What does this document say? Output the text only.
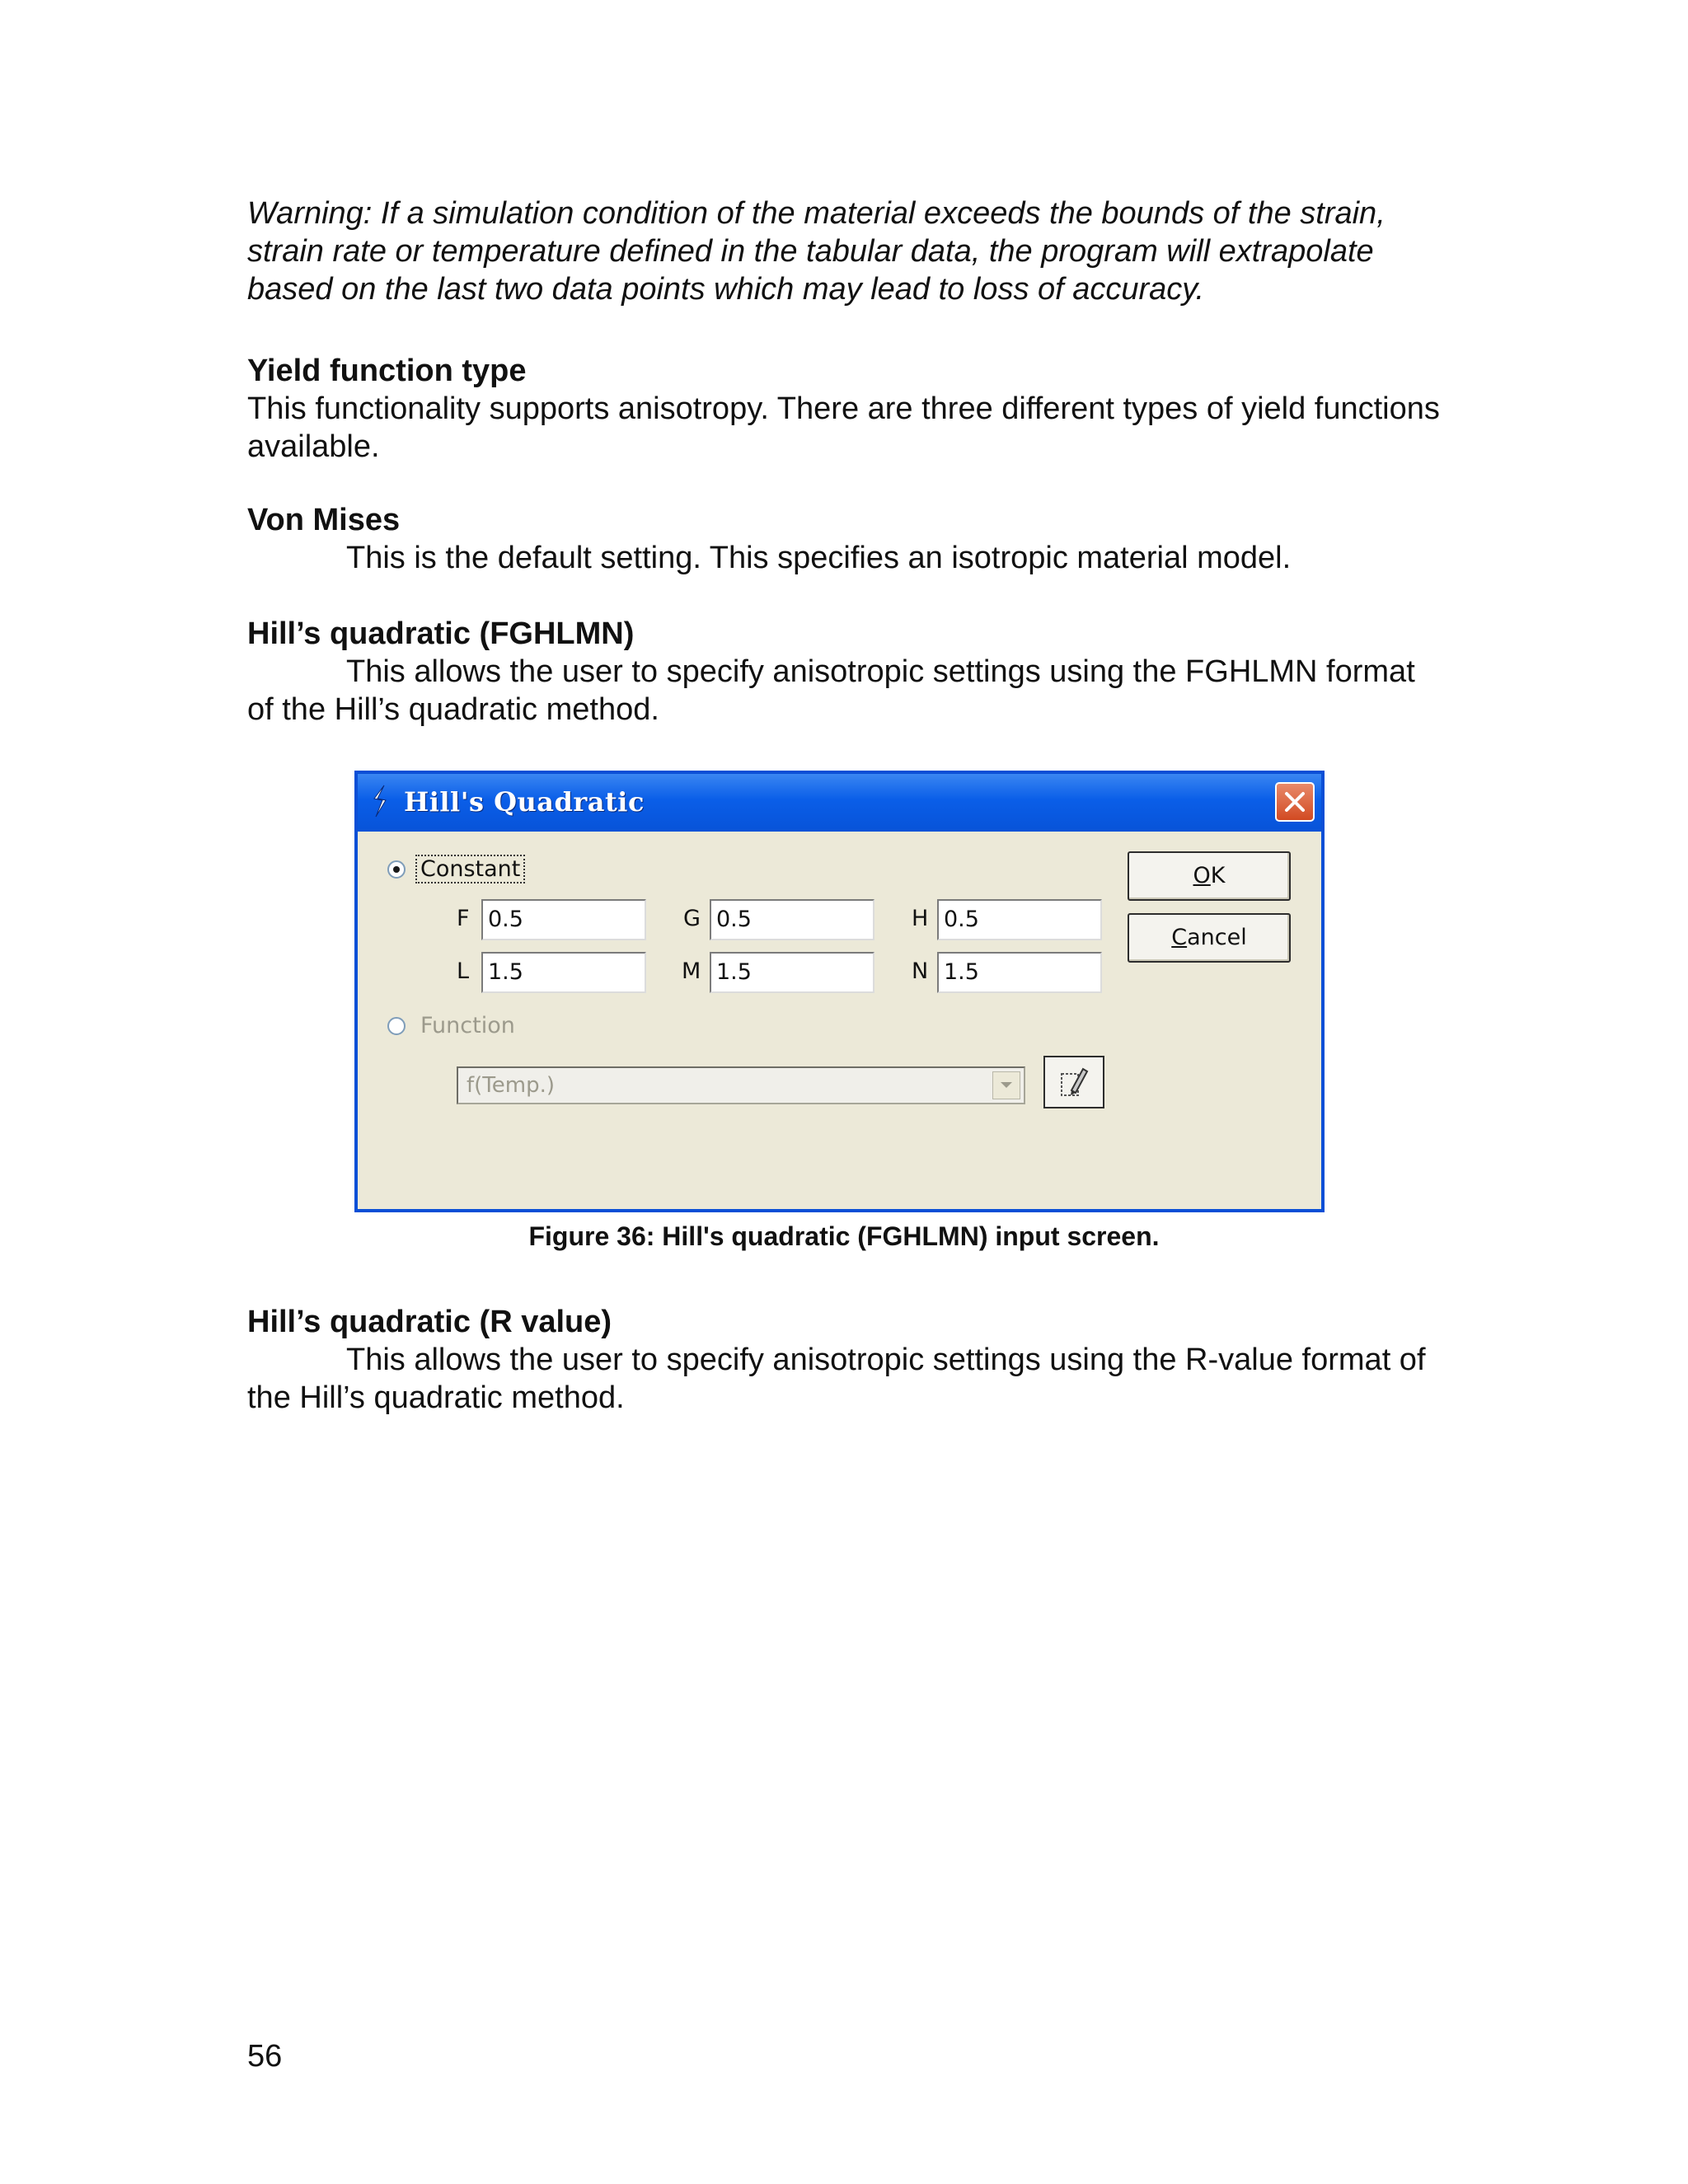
Warning: If a simulation condition of the material exceeds the bounds of the strain, strain rate or temperature defined in the tabular data, the program will extrapolate based on the last two data points which may lead to loss of accuracy.

Yield function type

This functionality supports anisotropy. There are three different types of yield functions available.

Von Mises

This is the default setting. This specifies an isotropic material model.

Hill’s quadratic (FGHLMN)

This allows the user to specify anisotropic settings using the FGHLMN format of the Hill’s quadratic method.

Hill's Quadratic
Constant
F 0.5	G 0.5	H 0.5
L 1.5	M 1.5	N 1.5
Function
f(Temp.)
OK
Cancel
Figure 36: Hill's quadratic (FGHLMN) input screen.

Hill’s quadratic (R value)

This allows the user to specify anisotropic settings using the R-value format of the Hill’s quadratic method.

56
